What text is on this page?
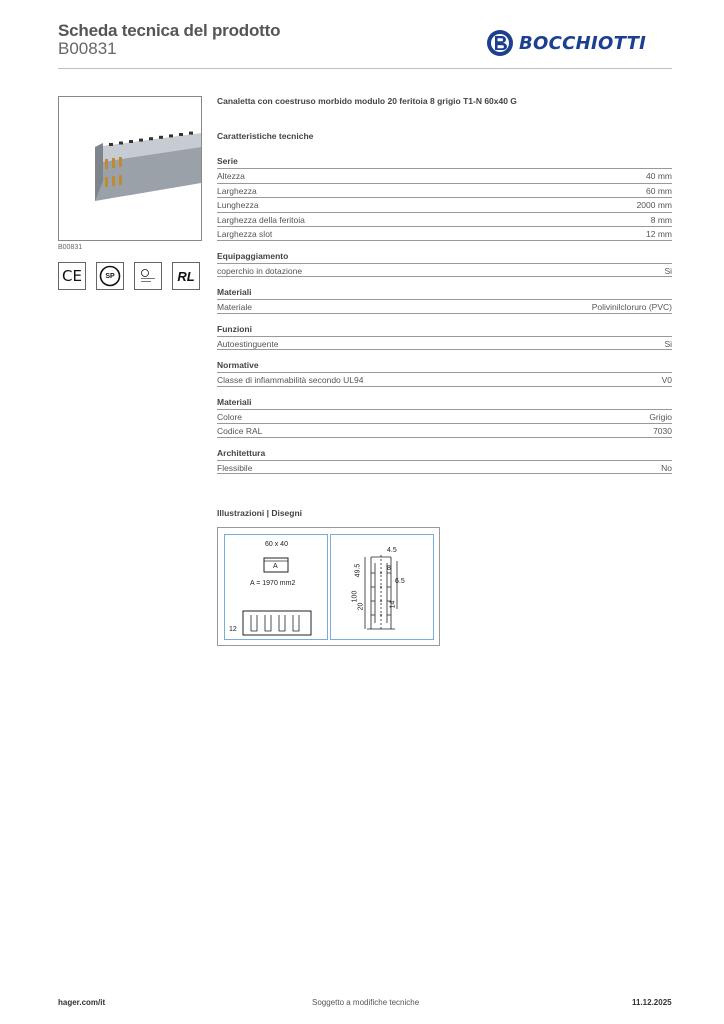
Scheda tecnica del prodotto
B00831	BOCCHIOTTI
B00831
CE	SP	RL
Canaletta con coestruso morbido modulo 20 feritoia 8 grigio T1-N 60x40 G
Caratteristiche tecniche
Serie
Altezza	40 mm
Larghezza	60 mm
Lunghezza	2000 mm
Larghezza della feritoia	8 mm
Larghezza slot	12 mm
Equipaggiamento
coperchio in dotazione	Si
Materiali
Materiale	Polivinilcloruro (PVC)
Funzioni
Autoestinguente	Si
Normative
Classe di infiammabilità secondo UL94	V0
Materiali
Colore	Grigio
Codice RAL	7030
Architettura
Flessibile	No
Illustrazioni | Disegni
60 x 40
A
A = 1970 mm2
12
4.5
49.5
100
20
6.5
14
8
hager.com/it	Soggetto a modifiche tecniche	11.12.2025
